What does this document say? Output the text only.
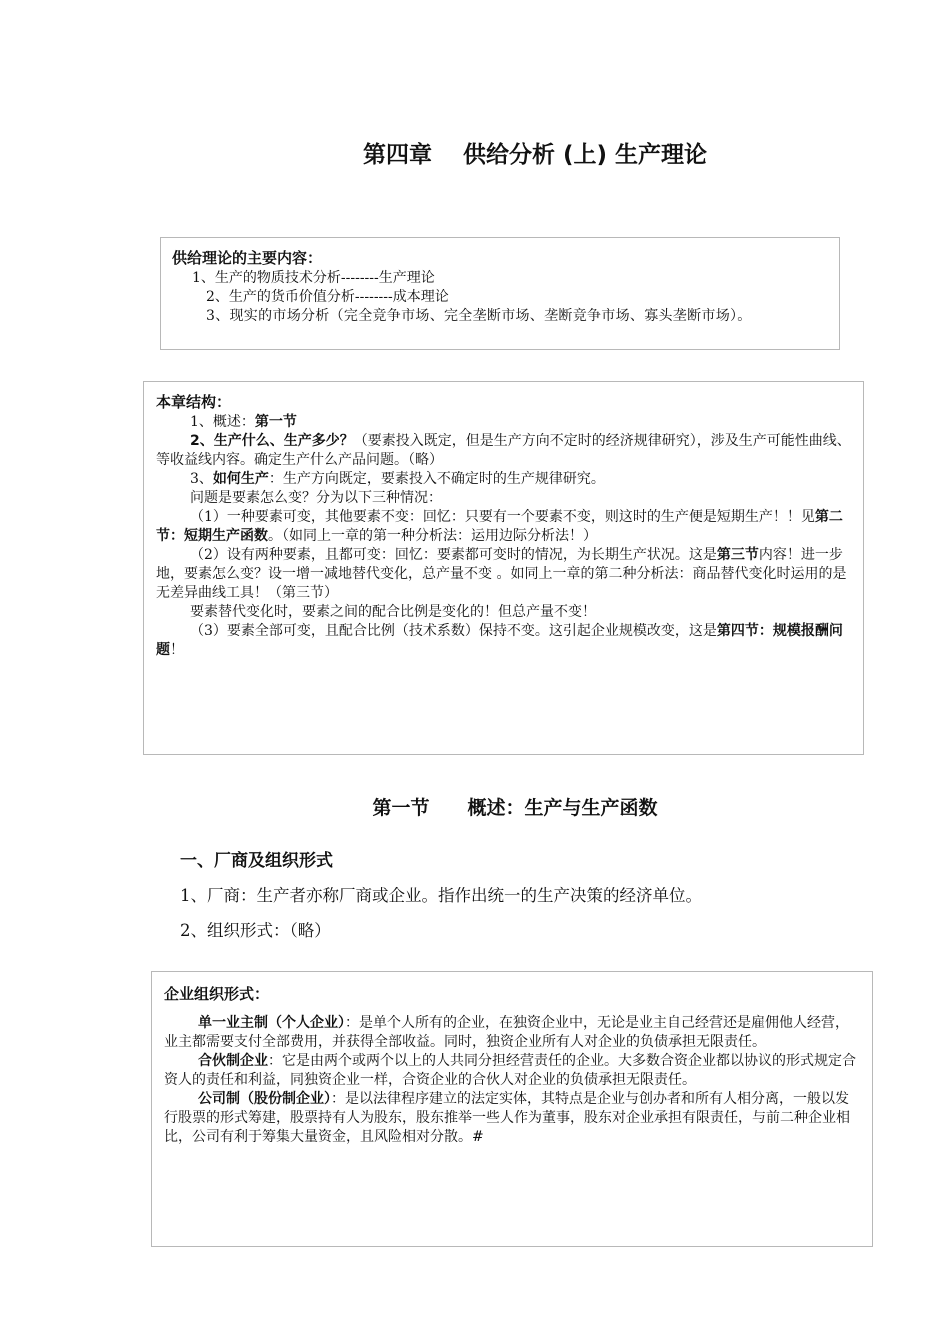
第四章　 供给分析 (上) 生产理论

供给理论的主要内容：

1、生产的物质技术分析--------生产理论

2、生产的货币价值分析--------成本理论

3、现实的市场分析（完全竞争市场、完全垄断市场、垄断竞争市场、寡头垄断市场）。

本章结构：

1、概述：第一节

2、生产什么、生产多少？（要素投入既定，但是生产方向不定时的经济规律研究），涉及生产可能性曲线、等收益线内容。确定生产什么产品问题。（略）

3、如何生产：生产方向既定，要素投入不确定时的生产规律研究。

问题是要素怎么变？分为以下三种情况：

（1）一种要素可变，其他要素不变：回忆：只要有一个要素不变，则这时的生产便是短期生产！！见第二节：短期生产函数。（如同上一章的第一种分析法：运用边际分析法！）

（2）设有两种要素，且都可变：回忆：要素都可变时的情况，为长期生产状况。这是第三节内容！进一步地，要素怎么变？设一增一减地替代变化，总产量不变 。如同上一章的第二种分析法：商品替代变化时运用的是无差异曲线工具！（第三节）

要素替代变化时，要素之间的配合比例是变化的！但总产量不变！

（3）要素全部可变，且配合比例（技术系数）保持不变。这引起企业规模改变，这是第四节：规模报酬问题！

第一节　　概述：生产与生产函数
一、厂商及组织形式
1、厂商：生产者亦称厂商或企业。指作出统一的生产决策的经济单位。
2、组织形式：（略）

企业组织形式：

单一业主制（个人企业）：是单个人所有的企业，在独资企业中，无论是业主自己经营还是雇佣他人经营，业主都需要支付全部费用，并获得全部收益。同时，独资企业所有人对企业的负债承担无限责任。

合伙制企业：它是由两个或两个以上的人共同分担经营责任的企业。大多数合资企业都以协议的形式规定合资人的责任和利益，同独资企业一样，合资企业的合伙人对企业的负债承担无限责任。

公司制（股份制企业）：是以法律程序建立的法定实体，其特点是企业与创办者和所有人相分离，一般以发行股票的形式筹建，股票持有人为股东，股东推举一些人作为董事，股东对企业承担有限责任，与前二种企业相比，公司有利于筹集大量资金，且风险相对分散。#
